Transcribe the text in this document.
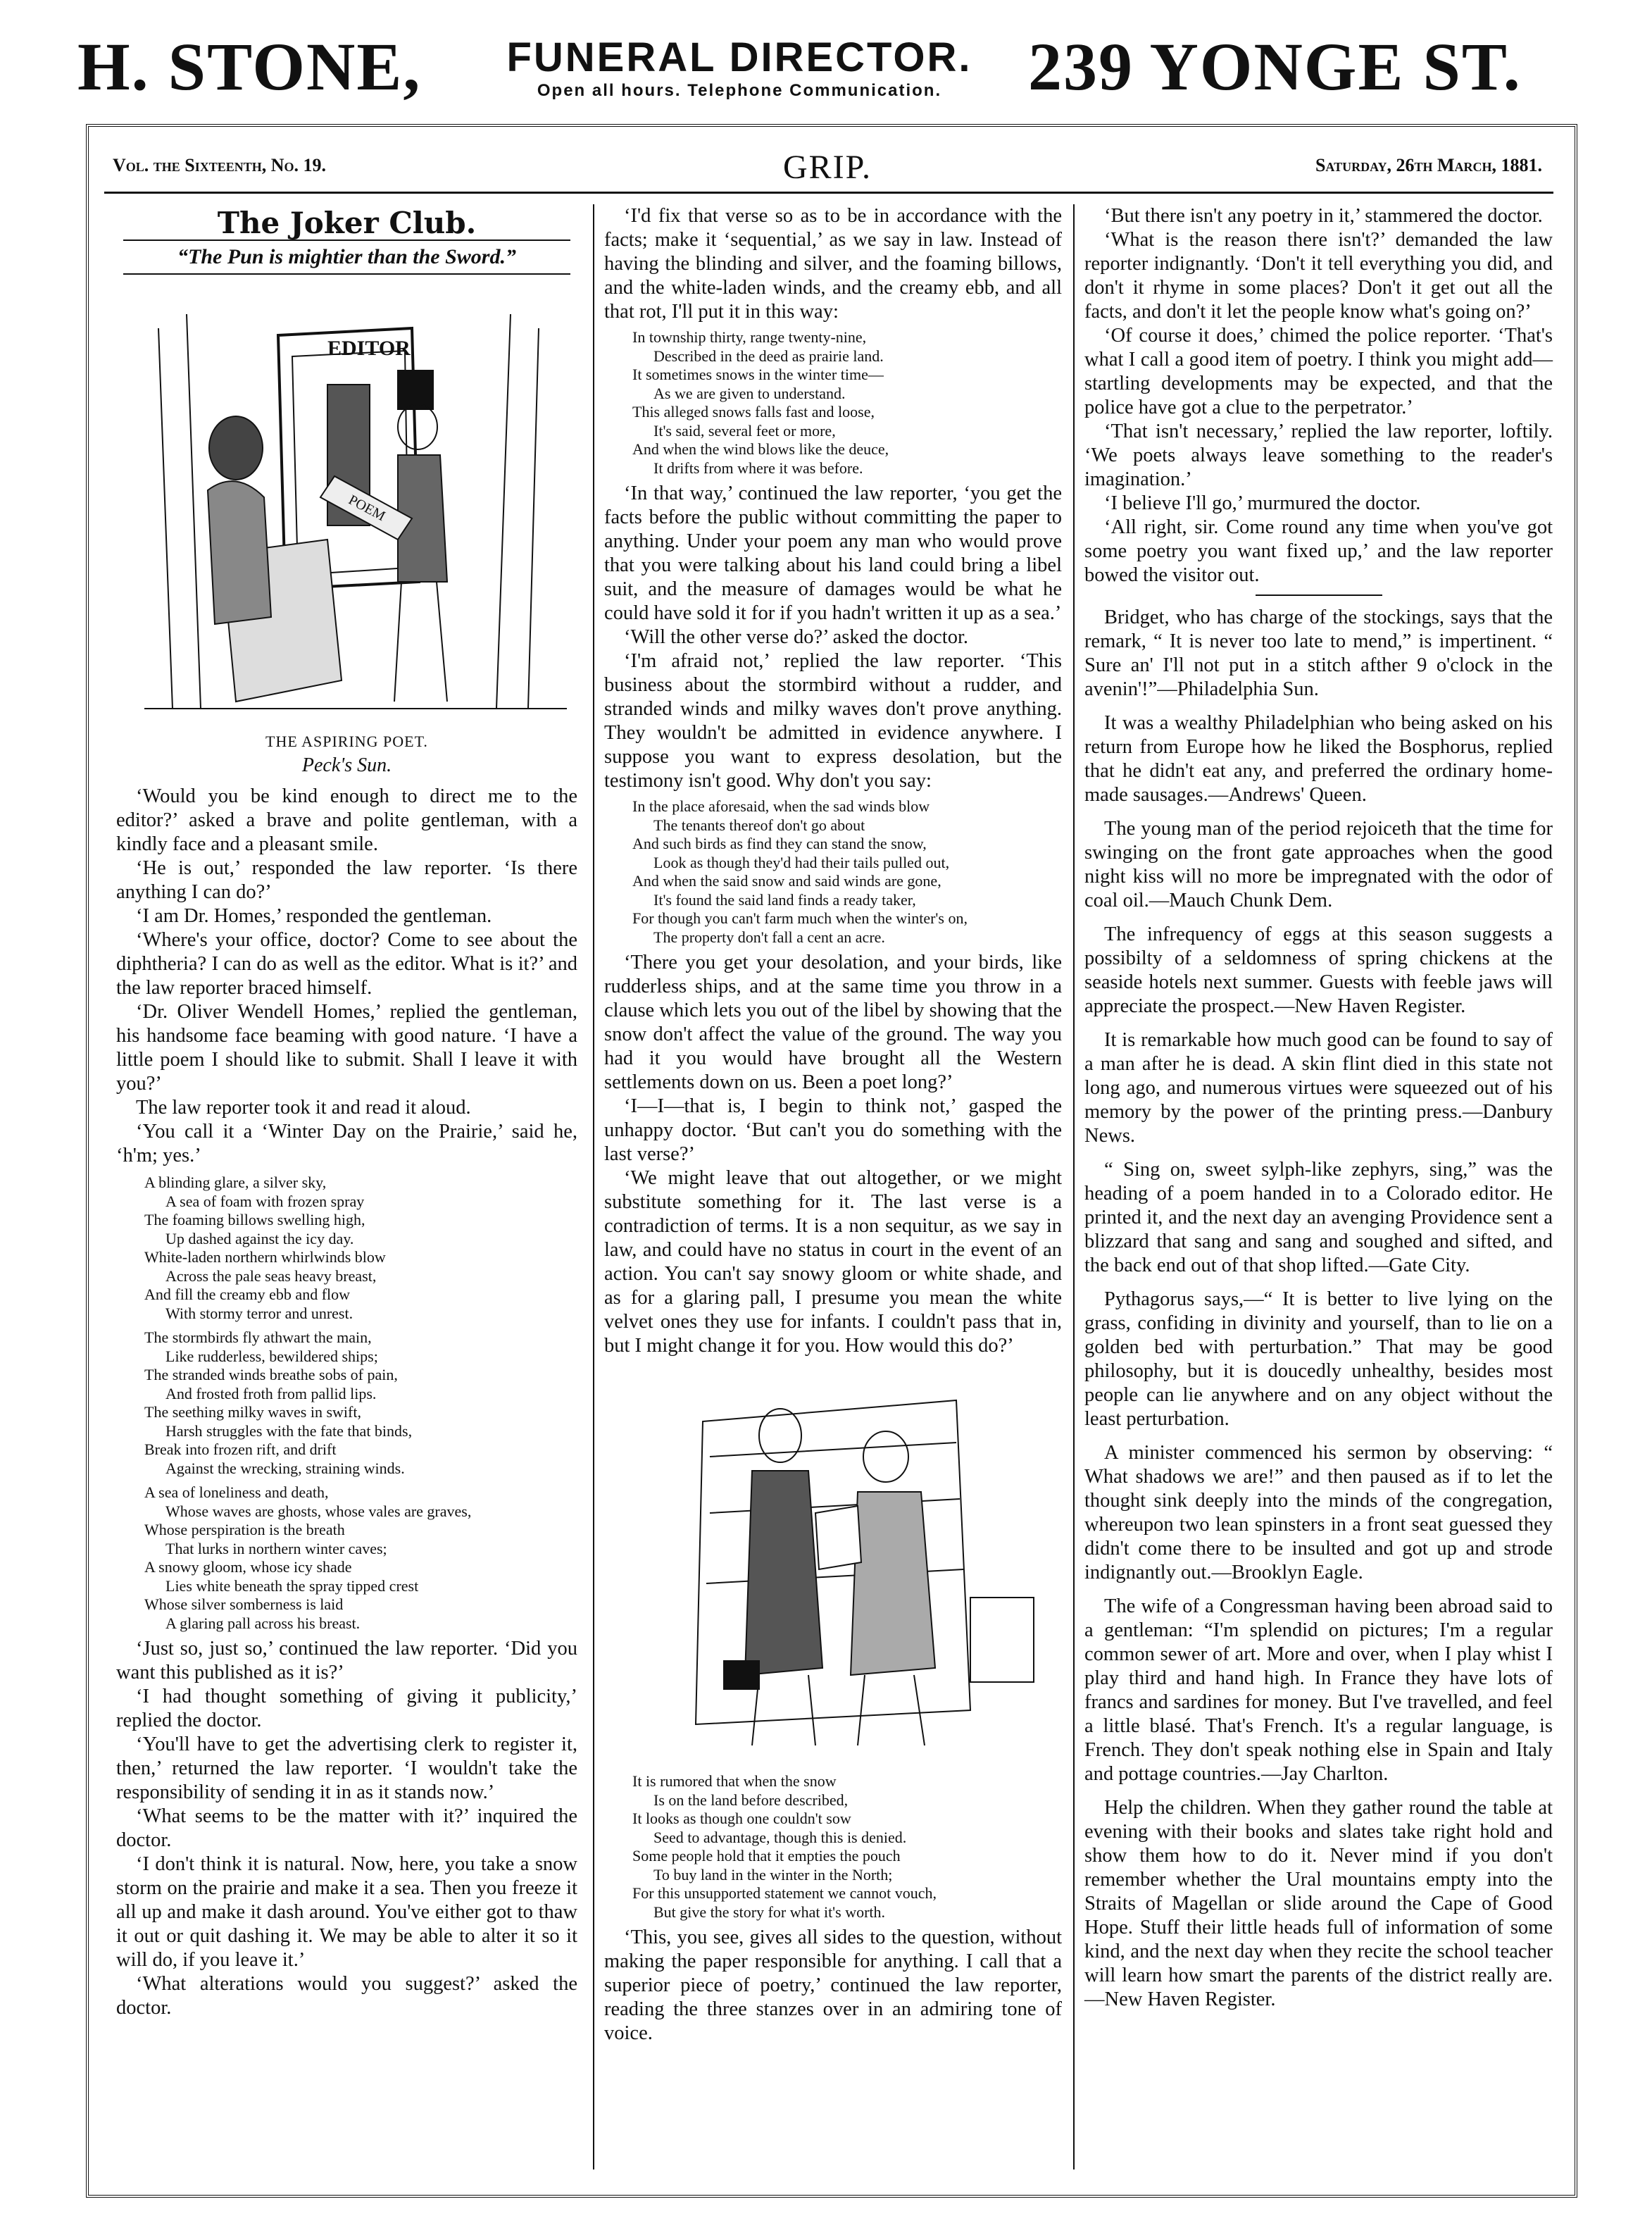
H. STONE,	FUNERAL DIRECTOR.
Open all hours. Telephone Communication.	239 YONGE ST.
Vol. the Sixteenth, No. 19.	GRIP.	Saturday, 26th March, 1881.
The Joker Club.
“The Pun is mightier than the Sword.”
EDITOR
POEM
THE ASPIRING POET.
Peck's Sun.

‘Would you be kind enough to direct me to the editor?’ asked a brave and polite gentleman, with a kindly face and a pleasant smile.

‘He is out,’ responded the law reporter. ‘Is there anything I can do?’

‘I am Dr. Homes,’ responded the gentleman.

‘Where's your office, doctor? Come to see about the diphtheria? I can do as well as the editor. What is it?’ and the law reporter braced himself.

‘Dr. Oliver Wendell Homes,’ replied the gentleman, his handsome face beaming with good nature. ‘I have a little poem I should like to submit. Shall I leave it with you?’

The law reporter took it and read it aloud.

‘You call it a ‘Winter Day on the Prairie,’ said he, ‘h'm; yes.’

A blinding glare, a silver sky,
A sea of foam with frozen spray
The foaming billows swelling high,
Up dashed against the icy day.
White-laden northern whirlwinds blow
Across the pale seas heavy breast,
And fill the creamy ebb and flow
With stormy terror and unrest.
The stormbirds fly athwart the main,
Like rudderless, bewildered ships;
The stranded winds breathe sobs of pain,
And frosted froth from pallid lips.
The seething milky waves in swift,
Harsh struggles with the fate that binds,
Break into frozen rift, and drift
Against the wrecking, straining winds.
A sea of loneliness and death,
Whose waves are ghosts, whose vales are graves,
Whose perspiration is the breath
That lurks in northern winter caves;
A snowy gloom, whose icy shade
Lies white beneath the spray tipped crest
Whose silver somberness is laid
A glaring pall across his breast.

‘Just so, just so,’ continued the law reporter. ‘Did you want this published as it is?’

‘I had thought something of giving it publicity,’ replied the doctor.

‘You'll have to get the advertising clerk to register it, then,’ returned the law reporter. ‘I wouldn't take the responsibility of sending it in as it stands now.’

‘What seems to be the matter with it?’ inquired the doctor.

‘I don't think it is natural. Now, here, you take a snow storm on the prairie and make it a sea. Then you freeze it all up and make it dash around. You've either got to thaw it out or quit dashing it. We may be able to alter it so it will do, if you leave it.’

‘What alterations would you suggest?’ asked the doctor.

‘I'd fix that verse so as to be in accordance with the facts; make it ‘sequential,’ as we say in law. Instead of having the blinding and silver, and the foaming billows, and the white-laden winds, and the creamy ebb, and all that rot, I'll put it in this way:

In township thirty, range twenty-nine,
Described in the deed as prairie land.
It sometimes snows in the winter time—
As we are given to understand.
This alleged snows falls fast and loose,
It's said, several feet or more,
And when the wind blows like the deuce,
It drifts from where it was before.

‘In that way,’ continued the law reporter, ‘you get the facts before the public without committing the paper to anything. Under your poem any man who would prove that you were talking about his land could bring a libel suit, and the measure of damages would be what he could have sold it for if you hadn't written it up as a sea.’

‘Will the other verse do?’ asked the doctor.

‘I'm afraid not,’ replied the law reporter. ‘This business about the stormbird without a rudder, and stranded winds and milky waves don't prove anything. They wouldn't be admitted in evidence anywhere. I suppose you want to express desolation, but the testimony isn't good. Why don't you say:

In the place aforesaid, when the sad winds blow
The tenants thereof don't go about
And such birds as find they can stand the snow,
Look as though they'd had their tails pulled out,
And when the said snow and said winds are gone,
It's found the said land finds a ready taker,
For though you can't farm much when the winter's on,
The property don't fall a cent an acre.

‘There you get your desolation, and your birds, like rudderless ships, and at the same time you throw in a clause which lets you out of the libel by showing that the snow don't affect the value of the ground. The way you had it you would have brought all the Western settlements down on us. Been a poet long?’

‘I—I—that is, I begin to think not,’ gasped the unhappy doctor. ‘But can't you do something with the last verse?’

‘We might leave that out altogether, or we might substitute something for it. The last verse is a contradiction of terms. It is a non sequitur, as we say in law, and could have no status in court in the event of an action. You can't say snowy gloom or white shade, and as for a glaring pall, I presume you mean the white velvet ones they use for infants. I couldn't pass that in, but I might change it for you. How would this do?’

It is rumored that when the snow
Is on the land before described,
It looks as though one couldn't sow
Seed to advantage, though this is denied.
Some people hold that it empties the pouch
To buy land in the winter in the North;
For this unsupported statement we cannot vouch,
But give the story for what it's worth.

‘This, you see, gives all sides to the question, without making the paper responsible for anything. I call that a superior piece of poetry,’ continued the law reporter, reading the three stanzes over in an admiring tone of voice.

‘But there isn't any poetry in it,’ stammered the doctor.

‘What is the reason there isn't?’ demanded the law reporter indignantly. ‘Don't it tell everything you did, and don't it rhyme in some places? Don't it get out all the facts, and don't it let the people know what's going on?’

‘Of course it does,’ chimed the police reporter. ‘That's what I call a good item of poetry. I think you might add—startling developments may be expected, and that the police have got a clue to the perpetrator.’

‘That isn't necessary,’ replied the law reporter, loftily. ‘We poets always leave something to the reader's imagination.’

‘I believe I'll go,’ murmured the doctor.

‘All right, sir. Come round any time when you've got some poetry you want fixed up,’ and the law reporter bowed the visitor out.

Bridget, who has charge of the stockings, says that the remark, “ It is never too late to mend,” is impertinent. “ Sure an' I'll not put in a stitch afther 9 o'clock in the avenin'!”—Philadelphia Sun.

It was a wealthy Philadelphian who being asked on his return from Europe how he liked the Bosphorus, replied that he didn't eat any, and preferred the ordinary home-made sausages.—Andrews' Queen.

The young man of the period rejoiceth that the time for swinging on the front gate approaches when the good night kiss will no more be impregnated with the odor of coal oil.—Mauch Chunk Dem.

The infrequency of eggs at this season suggests a possibilty of a seldomness of spring chickens at the seaside hotels next summer. Guests with feeble jaws will appreciate the prospect.—New Haven Register.

It is remarkable how much good can be found to say of a man after he is dead. A skin flint died in this state not long ago, and numerous virtues were squeezed out of his memory by the power of the printing press.—Danbury News.

“ Sing on, sweet sylph-like zephyrs, sing,” was the heading of a poem handed in to a Colorado editor. He printed it, and the next day an avenging Providence sent a blizzard that sang and sang and soughed and sifted, and the back end out of that shop lifted.—Gate City.

Pythagorus says,—“ It is better to live lying on the grass, confiding in divinity and yourself, than to lie on a golden bed with perturbation.” That may be good philosophy, but it is doucedly unhealthy, besides most people can lie anywhere and on any object without the least perturbation.

A minister commenced his sermon by observing: “ What shadows we are!” and then paused as if to let the thought sink deeply into the minds of the congregation, whereupon two lean spinsters in a front seat guessed they didn't come there to be insulted and got up and strode indignantly out.—Brooklyn Eagle.

The wife of a Congressman having been abroad said to a gentleman: “I'm splendid on pictures; I'm a regular common sewer of art. More and over, when I play whist I play third and hand high. In France they have lots of francs and sardines for money. But I've travelled, and feel a little blasé. That's French. It's a regular language, is French. They don't speak nothing else in Spain and Italy and pottage countries.—Jay Charlton.

Help the children. When they gather round the table at evening with their books and slates take right hold and show them how to do it. Never mind if you don't remember whether the Ural mountains empty into the Straits of Magellan or slide around the Cape of Good Hope. Stuff their little heads full of information of some kind, and the next day when they recite the school teacher will learn how smart the parents of the district really are.—New Haven Register.
